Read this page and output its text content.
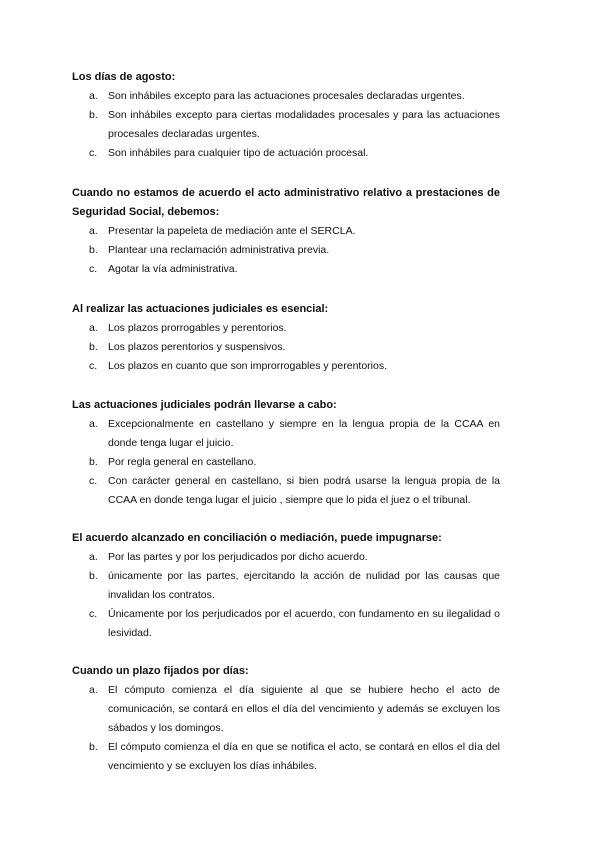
Los días de agosto:
a. Son inhábiles excepto para las actuaciones procesales declaradas urgentes.
b. Son inhábiles excepto para ciertas modalidades procesales y para las actuaciones procesales declaradas urgentes.
c. Son inhábiles para cualquier tipo de actuación procesal.
Cuando no estamos de acuerdo el acto administrativo relativo a prestaciones de Seguridad Social, debemos:
a. Presentar la papeleta de mediación ante el SERCLA.
b. Plantear una reclamación administrativa previa.
c. Agotar la vía administrativa.
Al realizar las actuaciones judiciales es esencial:
a. Los plazos prorrogables y perentorios.
b. Los plazos perentorios y suspensivos.
c. Los plazos en cuanto que son improrrogables y perentorios.
Las actuaciones judiciales podrán llevarse a cabo:
a. Excepcionalmente en castellano y siempre en la lengua propia de la CCAA en donde tenga lugar el juicio.
b. Por regla general en castellano.
c. Con carácter general en castellano, si bien podrá usarse la lengua propia de la CCAA en donde tenga lugar el juicio , siempre que lo pida el juez o el tribunal.
El acuerdo alcanzado en conciliación o mediación, puede impugnarse:
a. Por las partes y por los perjudicados por dicho acuerdo.
b. únicamente por las partes, ejercitando la acción de nulidad por las causas que invalidan los contratos.
c. Únicamente por los perjudicados por el acuerdo, con fundamento en su ilegalidad o lesividad.
Cuando un plazo fijados por días:
a. El cómputo comienza el día siguiente al que se hubiere hecho el acto de comunicación, se contará en ellos el día del vencimiento y además se excluyen los sábados y los domingos.
b. El cómputo comienza el día en que se notifica el acto, se contará en ellos el día del vencimiento y se excluyen los días inhábiles.
